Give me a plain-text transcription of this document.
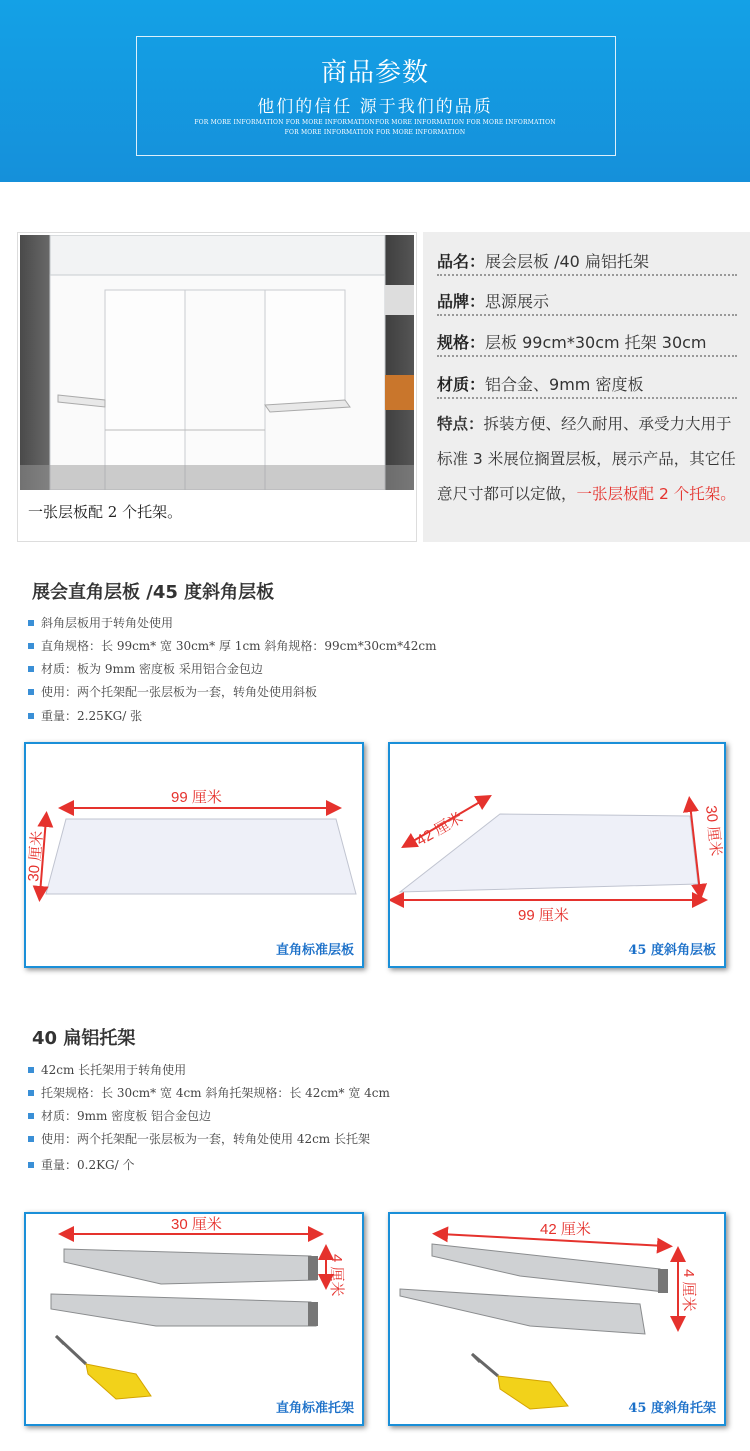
商品参数
他们的信任 源于我们的品质
FOR MORE INFORMATION FOR MORE INFORMATIONFOR MORE INFORMATION FOR MORE INFORMATION
FOR MORE INFORMATION FOR MORE INFORMATION
一张层板配 2 个托架。
品名：展会层板 /40 扁铝托架
品牌：思源展示
规格：层板 99cm*30cm 托架 30cm
材质：铝合金、9mm 密度板
特点：拆装方便、经久耐用、承受力大用于标准 3 米展位搁置层板，展示产品，其它任意尺寸都可以定做，一张层板配 2 个托架。
展会直角层板 /45 度斜角层板
斜角层板用于转角处使用
直角规格：长 99cm* 宽 30cm* 厚 1cm 斜角规格：99cm*30cm*42cm
材质：板为 9mm 密度板 采用铝合金包边
使用：两个托架配一张层板为一套，转角处使用斜板
重量：2.25KG/ 张
99 厘米
30 厘米
直角标准层板
42 厘米	30 厘米
99 厘米
45 度斜角层板
40 扁铝托架
42cm 长托架用于转角使用
托架规格：长 30cm* 宽 4cm 斜角托架规格：长 42cm* 宽 4cm
材质：9mm 密度板 铝合金包边
使用：两个托架配一张层板为一套，转角处使用 42cm 长托架
重量：0.2KG/ 个
30 厘米
4 厘米
直角标准托架
42 厘米
4 厘米
45 度斜角托架
